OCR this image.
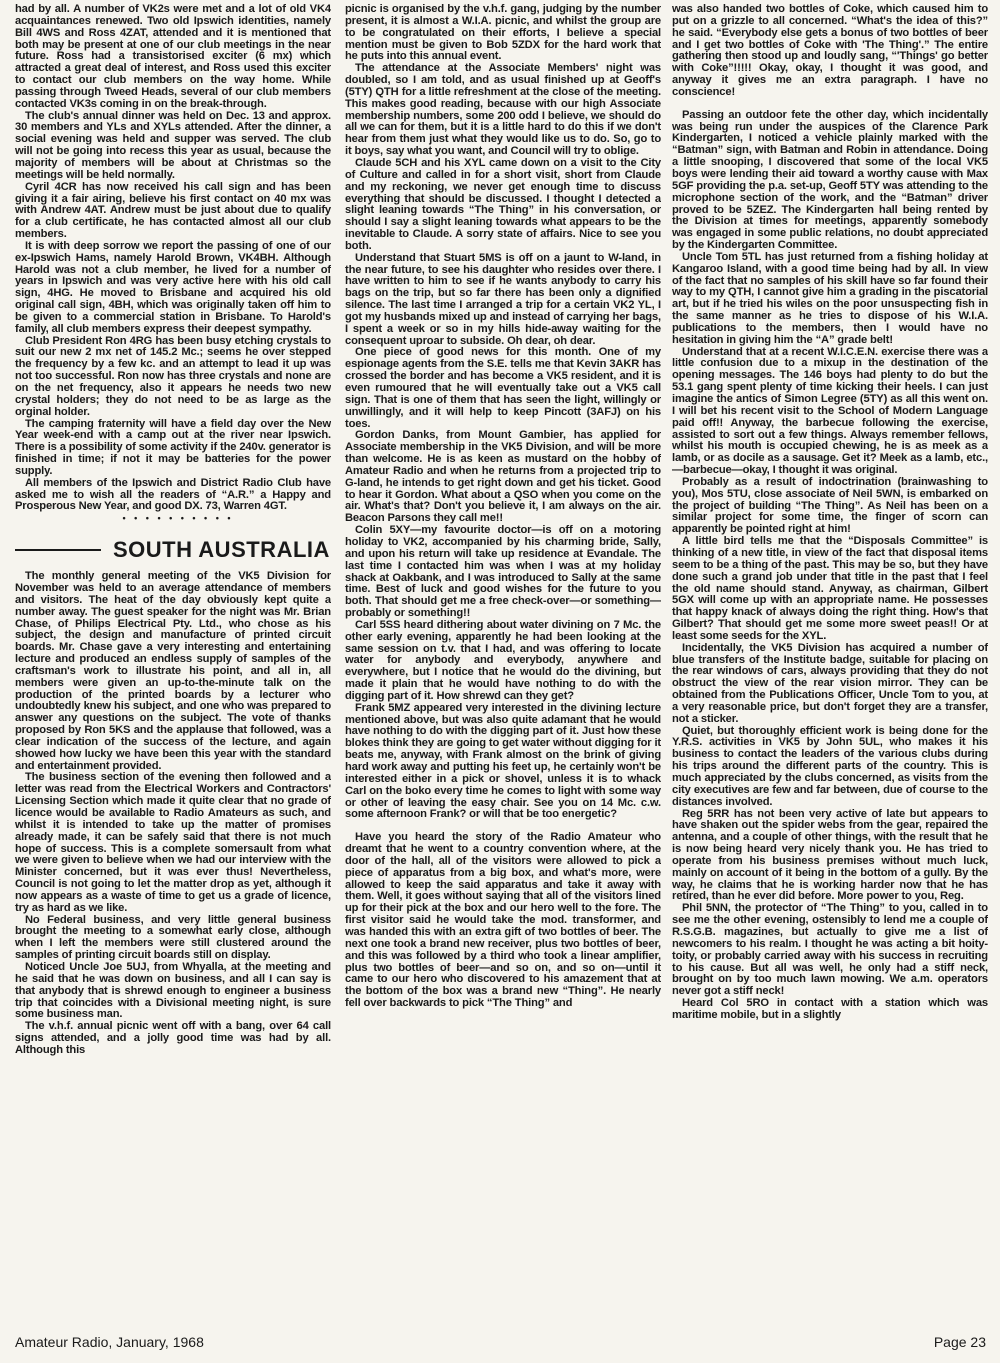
had by all. A number of VK2s were met and a lot of old VK4 acquaintances renewed. Two old Ipswich identities, namely Bill 4WS and Ross 4ZAT, attended and it is mentioned that both may be present at one of our club meetings in the near future. Ross had a transistorised exciter (6 mx) which attracted a great deal of interest, and Ross used this exciter to contact our club members on the way home. While passing through Tweed Heads, several of our club members contacted VK3s coming in on the break-through.

The club's annual dinner was held on Dec. 13 and approx. 30 members and YLs and XYLs attended. After the dinner, a social evening was held and supper was served. The club will not be going into recess this year as usual, because the majority of members will be about at Christmas so the meetings will be held normally.

Cyril 4CR has now received his call sign and has been giving it a fair airing, believe his first contact on 40 mx was with Andrew 4AT. Andrew must be just about due to qualify for a club certificate, he has contacted almost all our club members.

It is with deep sorrow we report the passing of one of our ex-Ipswich Hams, namely Harold Brown, VK4BH. Although Harold was not a club member, he lived for a number of years in Ipswich and was very active here with his old call sign, 4HG. He moved to Brisbane and acquired his old original call sign, 4BH, which was originally taken off him to be given to a commercial station in Brisbane. To Harold's family, all club members express their deepest sympathy.

Club President Ron 4RG has been busy etching crystals to suit our new 2 mx net of 145.2 Mc.; seems he over stepped the frequency by a few kc. and an attempt to lead it up was not too successful. Ron now has three crystals and none are on the net frequency, also it appears he needs two new crystal holders; they do not need to be as large as the orginal holder.

The camping fraternity will have a field day over the New Year week-end with a camp out at the river near Ipswich. There is a possibility of some activity if the 240v. generator is finished in time; if not it may be batteries for the power supply.

All members of the Ipswich and District Radio Club have asked me to wish all the readers of “A.R.” a Happy and Prosperous New Year, and good DX. 73, Warren 4GT.

• • • • • • • • • •

SOUTH AUSTRALIA

The monthly general meeting of the VK5 Division for November was held to an average attendance of members and visitors. The heat of the day obviously kept quite a number away. The guest speaker for the night was Mr. Brian Chase, of Philips Electrical Pty. Ltd., who chose as his subject, the design and manufacture of printed circuit boards. Mr. Chase gave a very interesting and entertaining lecture and produced an endless supply of samples of the craftsman's work to illustrate his point, and all in, all members were given an up-to-the-minute talk on the production of the printed boards by a lecturer who undoubtedly knew his subject, and one who was prepared to answer any questions on the subject. The vote of thanks proposed by Ron 5KS and the applause that followed, was a clear indication of the success of the lecture, and again showed how lucky we have been this year with the standard and entertainment provided.

The business section of the evening then followed and a letter was read from the Electrical Workers and Contractors' Licensing Section which made it quite clear that no grade of licence would be available to Radio Amateurs as such, and whilst it is intended to take up the matter of promises already made, it can be safely said that there is not much hope of success. This is a complete somersault from what we were given to believe when we had our interview with the Minister concerned, but it was ever thus! Nevertheless, Council is not going to let the matter drop as yet, although it now appears as a waste of time to get us a grade of licence, try as hard as we like.

No Federal business, and very little general business brought the meeting to a somewhat early close, although when I left the members were still clustered around the samples of printing circuit boards still on display.

Noticed Uncle Joe 5UJ, from Whyalla, at the meeting and he said that he was down on business, and all I can say is that anybody that is shrewd enough to engineer a business trip that coincides with a Divisional meeting night, is sure some business man.

The v.h.f. annual picnic went off with a bang, over 64 call signs attended, and a jolly good time was had by all. Although this

picnic is organised by the v.h.f. gang, judging by the number present, it is almost a W.I.A. picnic, and whilst the group are to be congratulated on their efforts, I believe a special mention must be given to Bob 5ZDX for the hard work that he puts into this annual event.

The attendance at the Associate Members' night was doubled, so I am told, and as usual finished up at Geoff's (5TY) QTH for a little refreshment at the close of the meeting. This makes good reading, because with our high Associate membership numbers, some 200 odd I believe, we should do all we can for them, but it is a little hard to do this if we don't hear from them just what they would like us to do. So, go to it boys, say what you want, and Council will try to oblige.

Claude 5CH and his XYL came down on a visit to the City of Culture and called in for a short visit, short from Claude and my reckoning, we never get enough time to discuss everything that should be discussed. I thought I detected a slight leaning towards “The Thing” in his conversation, or should I say a slight leaning towards what appears to be the inevitable to Claude. A sorry state of affairs. Nice to see you both.

Understand that Stuart 5MS is off on a jaunt to W-land, in the near future, to see his daughter who resides over there. I have written to him to see if he wants anybody to carry his bags on the trip, but so far there has been only a dignified silence. The last time I arranged a trip for a certain VK2 YL, I got my husbands mixed up and instead of carrying her bags, I spent a week or so in my hills hide-away waiting for the consequent uproar to subside. Oh dear, oh dear.

One piece of good news for this month. One of my espionage agents from the S.E. tells me that Kevin 3AKR has crossed the border and has become a VK5 resident, and it is even rumoured that he will eventually take out a VK5 call sign. That is one of them that has seen the light, willingly or unwillingly, and it will help to keep Pincott (3AFJ) on his toes.

Gordon Danks, from Mount Gambier, has applied for Associate membership in the VK5 Division, and will be more than welcome. He is as keen as mustard on the hobby of Amateur Radio and when he returns from a projected trip to G-land, he intends to get right down and get his ticket. Good to hear it Gordon. What about a QSO when you come on the air. What's that? Don't you believe it, I am always on the air. Beacon Parsons they call me!!

Colin 5XY—my favourite doctor—is off on a motoring holiday to VK2, accompanied by his charming bride, Sally, and upon his return will take up residence at Evandale. The last time I contacted him was when I was at my holiday shack at Oakbank, and I was introduced to Sally at the same time. Best of luck and good wishes for the future to you both. That should get me a free check-over—or something—probably or something!!

Carl 5SS heard dithering about water divining on 7 Mc. the other early evening, apparently he had been looking at the same session on t.v. that I had, and was offering to locate water for anybody and everybody, anywhere and everywhere, but I notice that he would do the divining, but made it plain that he would have nothing to do with the digging part of it. How shrewd can they get?

Frank 5MZ appeared very interested in the divining lecture mentioned above, but was also quite adamant that he would have nothing to do with the digging part of it. Just how these blokes think they are going to get water without digging for it beats me, anyway, with Frank almost on the brink of giving hard work away and putting his feet up, he certainly won't be interested either in a pick or shovel, unless it is to whack Carl on the boko every time he comes to light with some way or other of leaving the easy chair. See you on 14 Mc. c.w. some afternoon Frank? or will that be too energetic?

Have you heard the story of the Radio Amateur who dreamt that he went to a country convention where, at the door of the hall, all of the visitors were allowed to pick a piece of apparatus from a big box, and what's more, were allowed to keep the said apparatus and take it away with them. Well, it goes without saying that all of the visitors lined up for their pick at the box and our hero well to the fore. The first visitor said he would take the mod. transformer, and was handed this with an extra gift of two bottles of beer. The next one took a brand new receiver, plus two bottles of beer, and this was followed by a third who took a linear amplifier, plus two bottles of beer—and so on, and so on—until it came to our hero who discovered to his amazement that at the bottom of the box was a brand new “Thing”. He nearly fell over backwards to pick “The Thing” and

was also handed two bottles of Coke, which caused him to put on a grizzle to all concerned. “What's the idea of this?” he said. “Everybody else gets a bonus of two bottles of beer and I get two bottles of Coke with 'The Thing'.” The entire gathering then stood up and loudly sang, “'Things' go better with Coke”!!!!! Okay, okay, I thought it was good, and anyway it gives me an extra paragraph. I have no conscience!

Passing an outdoor fete the other day, which incidentally was being run under the auspices of the Clarence Park Kindergarten, I noticed a vehicle plainly marked with the “Batman” sign, with Batman and Robin in attendance. Doing a little snooping, I discovered that some of the local VK5 boys were lending their aid toward a worthy cause with Max 5GF providing the p.a. set-up, Geoff 5TY was attending to the microphone section of the work, and the “Batman” driver proved to be 5ZEZ. The Kindergarten hall being rented by the Division at times for meetings, apparently somebody was engaged in some public relations, no doubt appreciated by the Kindergarten Committee.

Uncle Tom 5TL has just returned from a fishing holiday at Kangaroo Island, with a good time being had by all. In view of the fact that no samples of his skill have so far found their way to my QTH, I cannot give him a grading in the piscatorial art, but if he tried his wiles on the poor unsuspecting fish in the same manner as he tries to dispose of his W.I.A. publications to the members, then I would have no hesitation in giving him the “A” grade belt!

Understand that at a recent W.I.C.E.N. exercise there was a little confusion due to a mixup in the destination of the opening messages. The 146 boys had plenty to do but the 53.1 gang spent plenty of time kicking their heels. I can just imagine the antics of Simon Legree (5TY) as all this went on. I will bet his recent visit to the School of Modern Language paid off!! Anyway, the barbecue following the exercise, assisted to sort out a few things. Always remember fellows, whilst his mouth is occupied chewing, he is as meek as a lamb, or as docile as a sausage. Get it? Meek as a lamb, etc.,—barbecue—okay, I thought it was original.

Probably as a result of indoctrination (brainwashing to you), Mos 5TU, close associate of Neil 5WN, is embarked on the project of building “The Thing”. As Neil has been on a similar project for some time, the finger of scorn can apparently be pointed right at him!

A little bird tells me that the “Disposals Committee” is thinking of a new title, in view of the fact that disposal items seem to be a thing of the past. This may be so, but they have done such a grand job under that title in the past that I feel the old name should stand. Anyway, as chairman, Gilbert 5GX will come up with an appropriate name. He possesses that happy knack of always doing the right thing. How's that Gilbert? That should get me some more sweet peas!! Or at least some seeds for the XYL.

Incidentally, the VK5 Division has acquired a number of blue transfers of the Institute badge, suitable for placing on the rear windows of cars, always providing that they do not obstruct the view of the rear vision mirror. They can be obtained from the Publications Officer, Uncle Tom to you, at a very reasonable price, but don't forget they are a transfer, not a sticker.

Quiet, but thoroughly efficient work is being done for the Y.R.S. activities in VK5 by John 5UL, who makes it his business to contact the leaders of the various clubs during his trips around the different parts of the country. This is much appreciated by the clubs concerned, as visits from the city executives are few and far between, due of course to the distances involved.

Reg 5RR has not been very active of late but appears to have shaken out the spider webs from the gear, repaired the antenna, and a couple of other things, with the result that he is now being heard very nicely thank you. He has tried to operate from his business premises without much luck, mainly on account of it being in the bottom of a gully. By the way, he claims that he is working harder now that he has retired, than he ever did before. More power to you, Reg.

Phil 5NN, the protector of “The Thing” to you, called in to see me the other evening, ostensibly to lend me a couple of R.S.G.B. magazines, but actually to give me a list of newcomers to his realm. I thought he was acting a bit hoity-toity, or probably carried away with his success in recruiting to his cause. But all was well, he only had a stiff neck, brought on by too much lawn mowing. We a.m. operators never got a stiff neck!

Heard Col 5RO in contact with a station which was maritime mobile, but in a slightly

Amateur Radio, January, 1968	Page 23
